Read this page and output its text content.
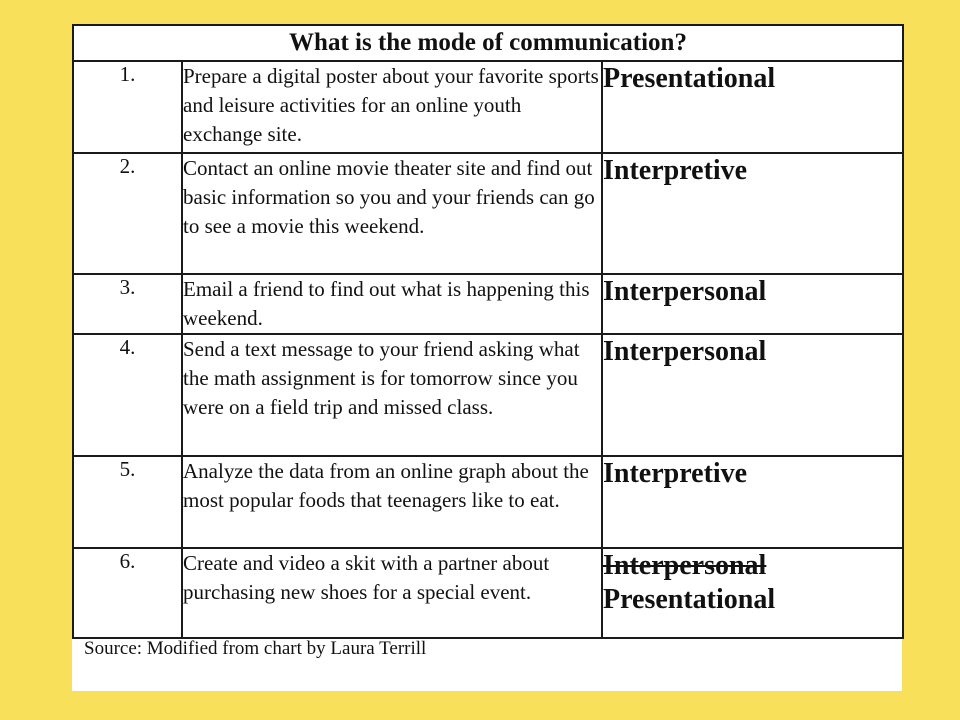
What is the mode of communication?		
1.	Prepare a digital poster about your favorite sports and leisure activities for an online youth exchange site.	Presentational

2.	Contact an online movie theater site and find out basic information so you and your friends can go to see a movie this weekend.	Interpretive

3.	Email a friend to find out what is happening this weekend.	Interpersonal

4.	Send a text message to your friend asking what the math assignment is for tomorrow since you were on a field trip and missed class.	Interpersonal

5.	Analyze the data from an online graph about the most popular foods that teenagers like to eat.	Interpretive

6.	Create and video a skit with a partner about purchasing new shoes for a special event.	Interpersonal
Presentational
Source: Modified from chart by Laura Terrill
